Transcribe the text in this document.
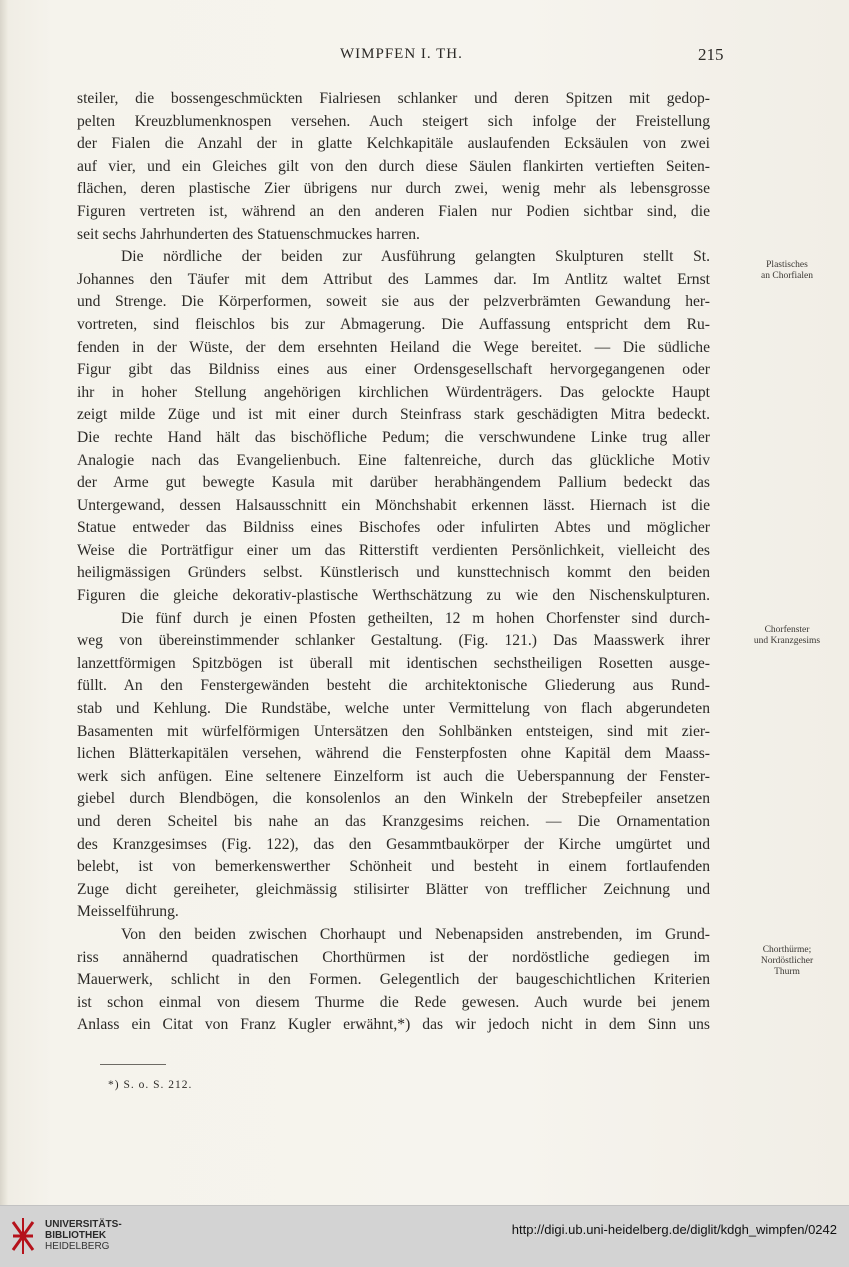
WIMPFEN I. TH.	215
steiler, die bossengeschmückten Fialriesen schlanker und deren Spitzen mit gedop-
pelten Kreuzblumenknospen versehen. Auch steigert sich infolge der Freistellung
der Fialen die Anzahl der in glatte Kelchkapitäle auslaufenden Ecksäulen von zwei
auf vier, und ein Gleiches gilt von den durch diese Säulen flankirten vertieften Seiten-
flächen, deren plastische Zier übrigens nur durch zwei, wenig mehr als lebensgrosse
Figuren vertreten ist, während an den anderen Fialen nur Podien sichtbar sind, die
seit sechs Jahrhunderten des Statuenschmuckes harren.
Die nördliche der beiden zur Ausführung gelangten Skulpturen stellt St.
Johannes den Täufer mit dem Attribut des Lammes dar. Im Antlitz waltet Ernst
und Strenge. Die Körperformen, soweit sie aus der pelzverbrämten Gewandung her-
vortreten, sind fleischlos bis zur Abmagerung. Die Auffassung entspricht dem Ru-
fenden in der Wüste, der dem ersehnten Heiland die Wege bereitet. — Die südliche
Figur gibt das Bildniss eines aus einer Ordensgesellschaft hervorgegangenen oder
ihr in hoher Stellung angehörigen kirchlichen Würdenträgers. Das gelockte Haupt
zeigt milde Züge und ist mit einer durch Steinfrass stark geschädigten Mitra bedeckt.
Die rechte Hand hält das bischöfliche Pedum; die verschwundene Linke trug aller
Analogie nach das Evangelienbuch. Eine faltenreiche, durch das glückliche Motiv
der Arme gut bewegte Kasula mit darüber herabhängendem Pallium bedeckt das
Untergewand, dessen Halsausschnitt ein Mönchshabit erkennen lässt. Hiernach ist die
Statue entweder das Bildniss eines Bischofes oder infulirten Abtes und möglicher
Weise die Porträtfigur einer um das Ritterstift verdienten Persönlichkeit, vielleicht des
heiligmässigen Gründers selbst. Künstlerisch und kunsttechnisch kommt den beiden
Figuren die gleiche dekorativ-plastische Werthschätzung zu wie den Nischenskulpturen.
Die fünf durch je einen Pfosten getheilten, 12 m hohen Chorfenster sind durch-
weg von übereinstimmender schlanker Gestaltung. (Fig. 121.) Das Maasswerk ihrer
lanzettförmigen Spitzbögen ist überall mit identischen sechstheiligen Rosetten ausge-
füllt. An den Fenstergewänden besteht die architektonische Gliederung aus Rund-
stab und Kehlung. Die Rundstäbe, welche unter Vermittelung von flach abgerundeten
Basamenten mit würfelförmigen Untersätzen den Sohlbänken entsteigen, sind mit zier-
lichen Blätterkapitälen versehen, während die Fensterpfosten ohne Kapitäl dem Maass-
werk sich anfügen. Eine seltenere Einzelform ist auch die Ueberspannung der Fenster-
giebel durch Blendbögen, die konsolenlos an den Winkeln der Strebepfeiler ansetzen
und deren Scheitel bis nahe an das Kranzgesims reichen. — Die Ornamentation
des Kranzgesimses (Fig. 122), das den Gesammtbaukörper der Kirche umgürtet und
belebt, ist von bemerkenswerther Schönheit und besteht in einem fortlaufenden
Zuge dicht gereiheter, gleichmässig stilisirter Blätter von trefflicher Zeichnung und
Meisselführung.
Von den beiden zwischen Chorhaupt und Nebenapsiden anstrebenden, im Grund-
riss annähernd quadratischen Chorthürmen ist der nordöstliche gediegen im
Mauerwerk, schlicht in den Formen. Gelegentlich der baugeschichtlichen Kriterien
ist schon einmal von diesem Thurme die Rede gewesen. Auch wurde bei jenem
Anlass ein Citat von Franz Kugler erwähnt,*) das wir jedoch nicht in dem Sinn uns
Plastisches
an Chorfialen
Chorfenster
und Kranzgesims
Chorthürme;
Nordöstlicher
Thurm
*) S. o. S. 212.
UNIVERSITÄTS-
BIBLIOTHEK
HEIDELBERG
http://digi.ub.uni-heidelberg.de/diglit/kdgh_wimpfen/0242
